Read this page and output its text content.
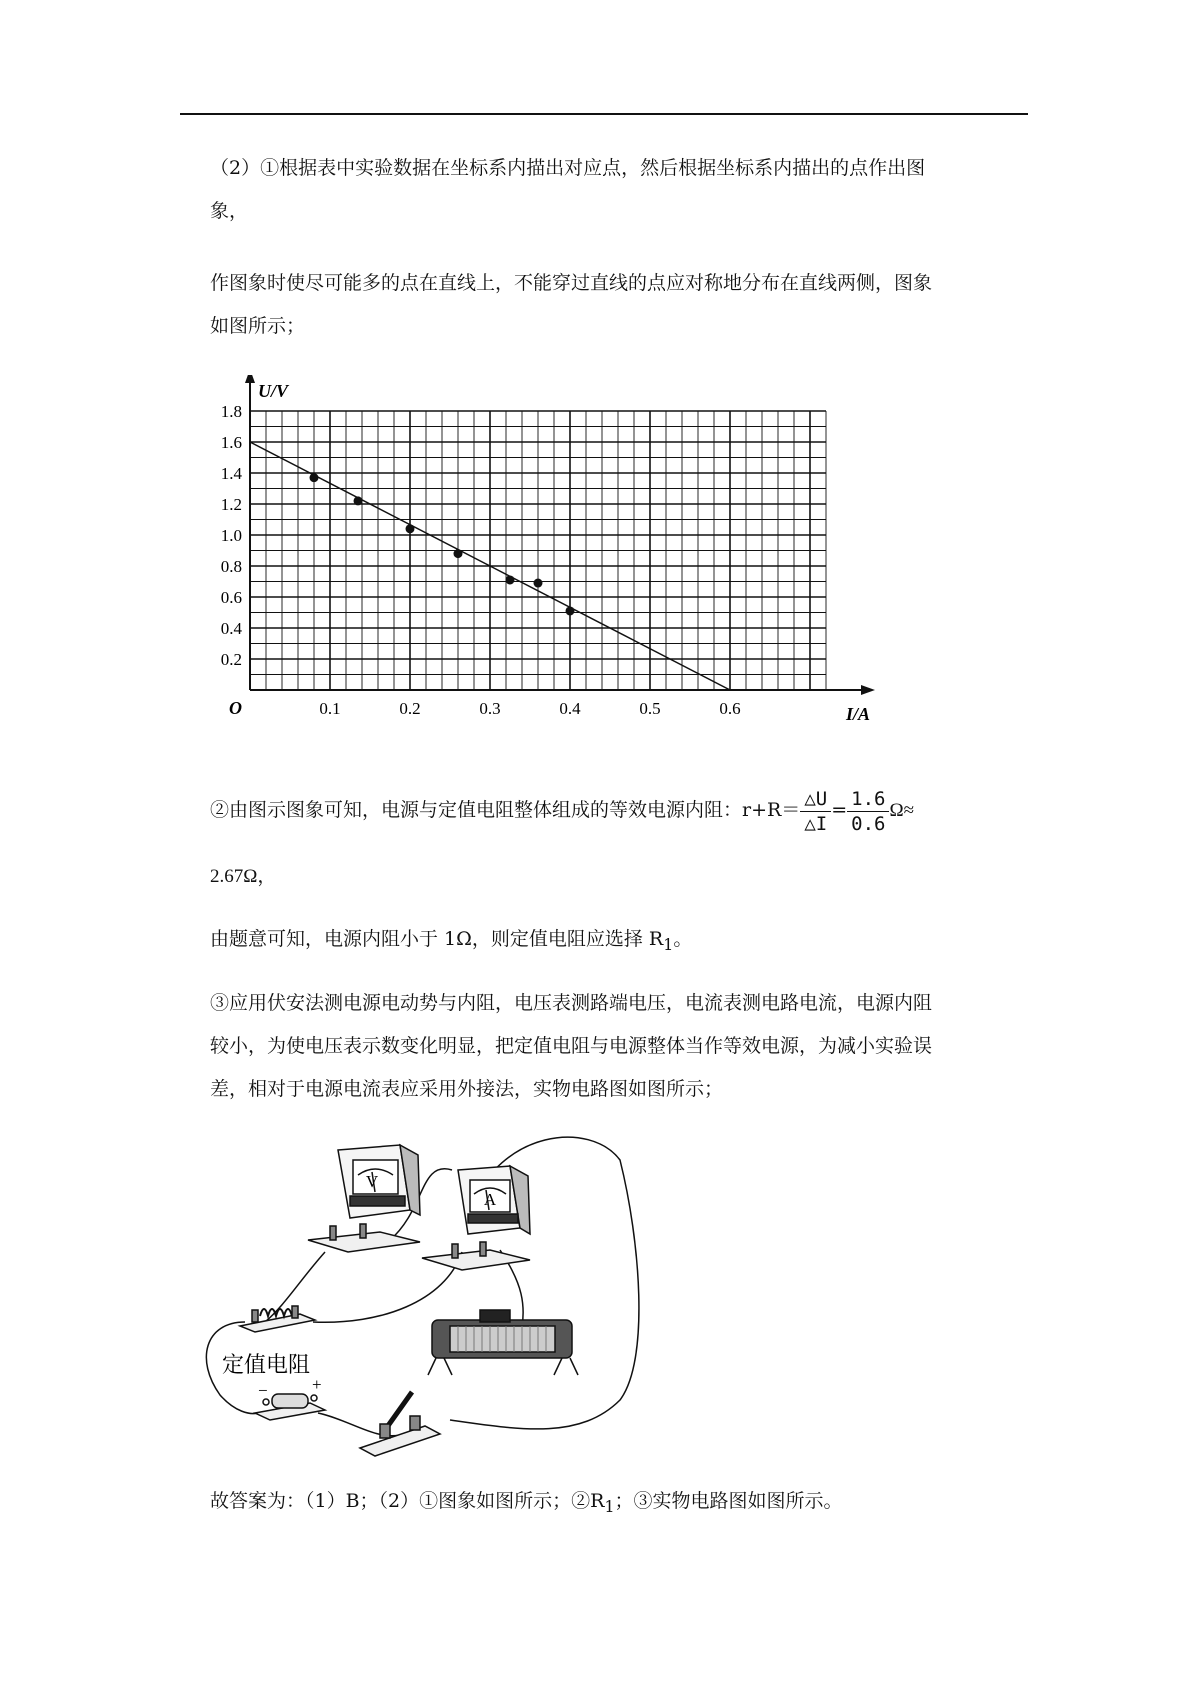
（2）①根据表中实验数据在坐标系内描出对应点，然后根据坐标系内描出的点作出图
象，

作图象时使尽可能多的点在直线上，不能穿过直线的点应对称地分布在直线两侧，图象
如图所示；

0.1	0.2	0.3	0.4	0.5	0.6
0.2
0.4
0.6
0.8
1.0
1.2
1.4
1.6
1.8
O
U/V
I/A

②由图示图象可知，电源与定值电阻整体组成的等效电源内阻：$r+R= \frac{\triangle U}{\triangle I} = \frac{1.6}{0.6} \Omega\approx$

2.67Ω，

由题意可知，电源内阻小于 1Ω，则定值电阻应选择 $R_1$。

③应用伏安法测电源电动势与内阻，电压表测路端电压，电流表测电路电流，电源内阻
较小，为使电压表示数变化明显，把定值电阻与电源整体当作等效电源，为减小实验误
差，相对于电源电流表应采用外接法，实物电路图如图所示；

V
A
定值电阻
−	+

故答案为：（1）B；（2）①图象如图所示；$②R_1$；③实物电路图如图所示。
